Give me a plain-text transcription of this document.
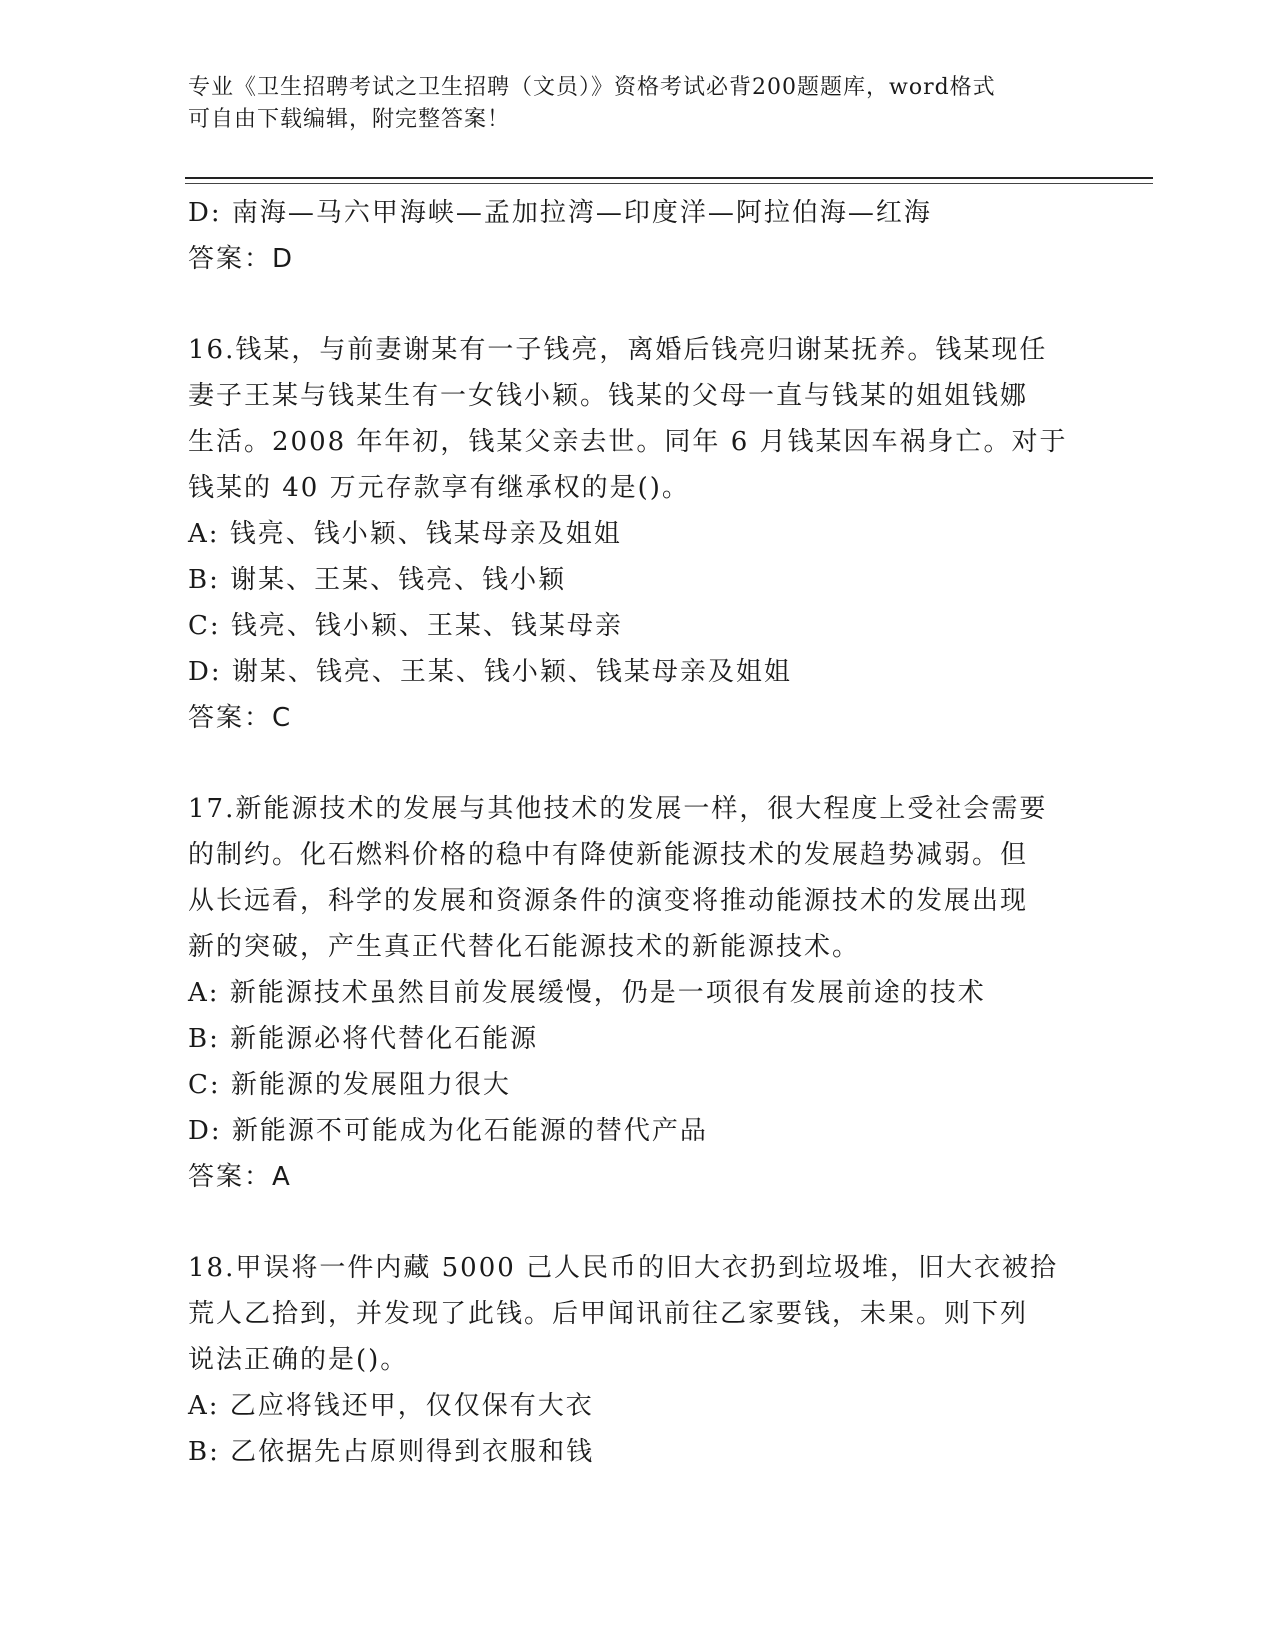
专业《卫生招聘考试之卫生招聘（文员）》资格考试必背200题题库，word格式
可自由下载编辑，附完整答案！
D: 南海—马六甲海峡—孟加拉湾—印度洋—阿拉伯海—红海
答案：D
16.钱某，与前妻谢某有一子钱亮，离婚后钱亮归谢某抚养。钱某现任
妻子王某与钱某生有一女钱小颖。钱某的父母一直与钱某的姐姐钱娜
生活。2008 年年初，钱某父亲去世。同年 6 月钱某因车祸身亡。对于
钱某的 40 万元存款享有继承权的是()。
A: 钱亮、钱小颖、钱某母亲及姐姐
B: 谢某、王某、钱亮、钱小颖
C: 钱亮、钱小颖、王某、钱某母亲
D: 谢某、钱亮、王某、钱小颖、钱某母亲及姐姐
答案：C
17.新能源技术的发展与其他技术的发展一样，很大程度上受社会需要
的制约。化石燃料价格的稳中有降使新能源技术的发展趋势减弱。但
从长远看，科学的发展和资源条件的演变将推动能源技术的发展出现
新的突破，产生真正代替化石能源技术的新能源技术。
A: 新能源技术虽然目前发展缓慢，仍是一项很有发展前途的技术
B: 新能源必将代替化石能源
C: 新能源的发展阻力很大
D: 新能源不可能成为化石能源的替代产品
答案：A
18.甲误将一件内藏 5000 己人民币的旧大衣扔到垃圾堆，旧大衣被拾
荒人乙拾到，并发现了此钱。后甲闻讯前往乙家要钱，未果。则下列
说法正确的是()。
A: 乙应将钱还甲，仅仅保有大衣
B: 乙依据先占原则得到衣服和钱
